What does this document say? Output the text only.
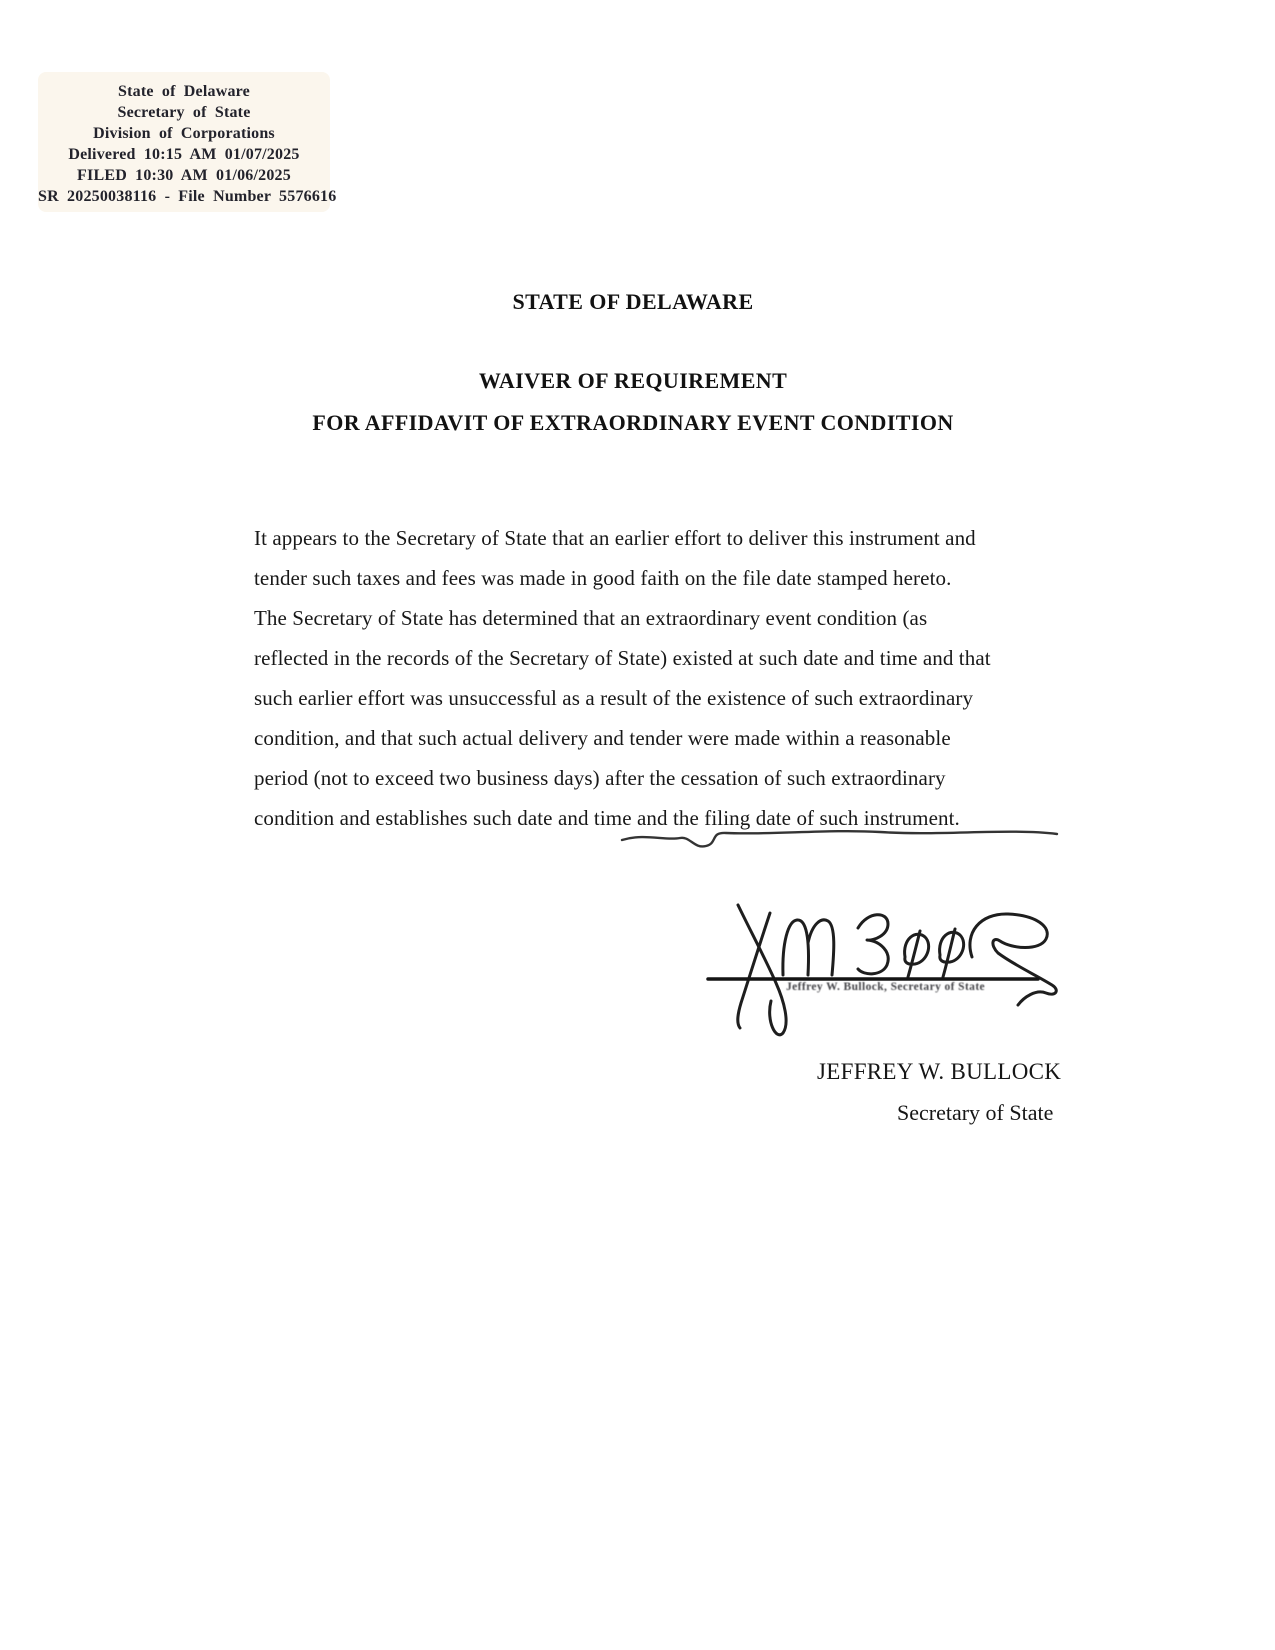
State of Delaware
Secretary of State
Division of Corporations
Delivered 10:15 AM 01/07/2025
FILED 10:30 AM 01/06/2025
SR 20250038116 - File Number 5576616
STATE OF DELAWARE
WAIVER OF REQUIREMENT
FOR AFFIDAVIT OF EXTRAORDINARY EVENT CONDITION
It appears to the Secretary of State that an earlier effort to deliver this instrument and
tender such taxes and fees was made in good faith on the file date stamped hereto.
The Secretary of State has determined that an extraordinary event condition (as
reflected in the records of the Secretary of State) existed at such date and time and that
such earlier effort was unsuccessful as a result of the existence of such extraordinary
condition, and that such actual delivery and tender were made within a reasonable
period (not to exceed two business days) after the cessation of such extraordinary
condition and establishes such date and time and the filing date of such instrument.
Jeffrey W. Bullock, Secretary of State
JEFFREY W. BULLOCK
Secretary of State
